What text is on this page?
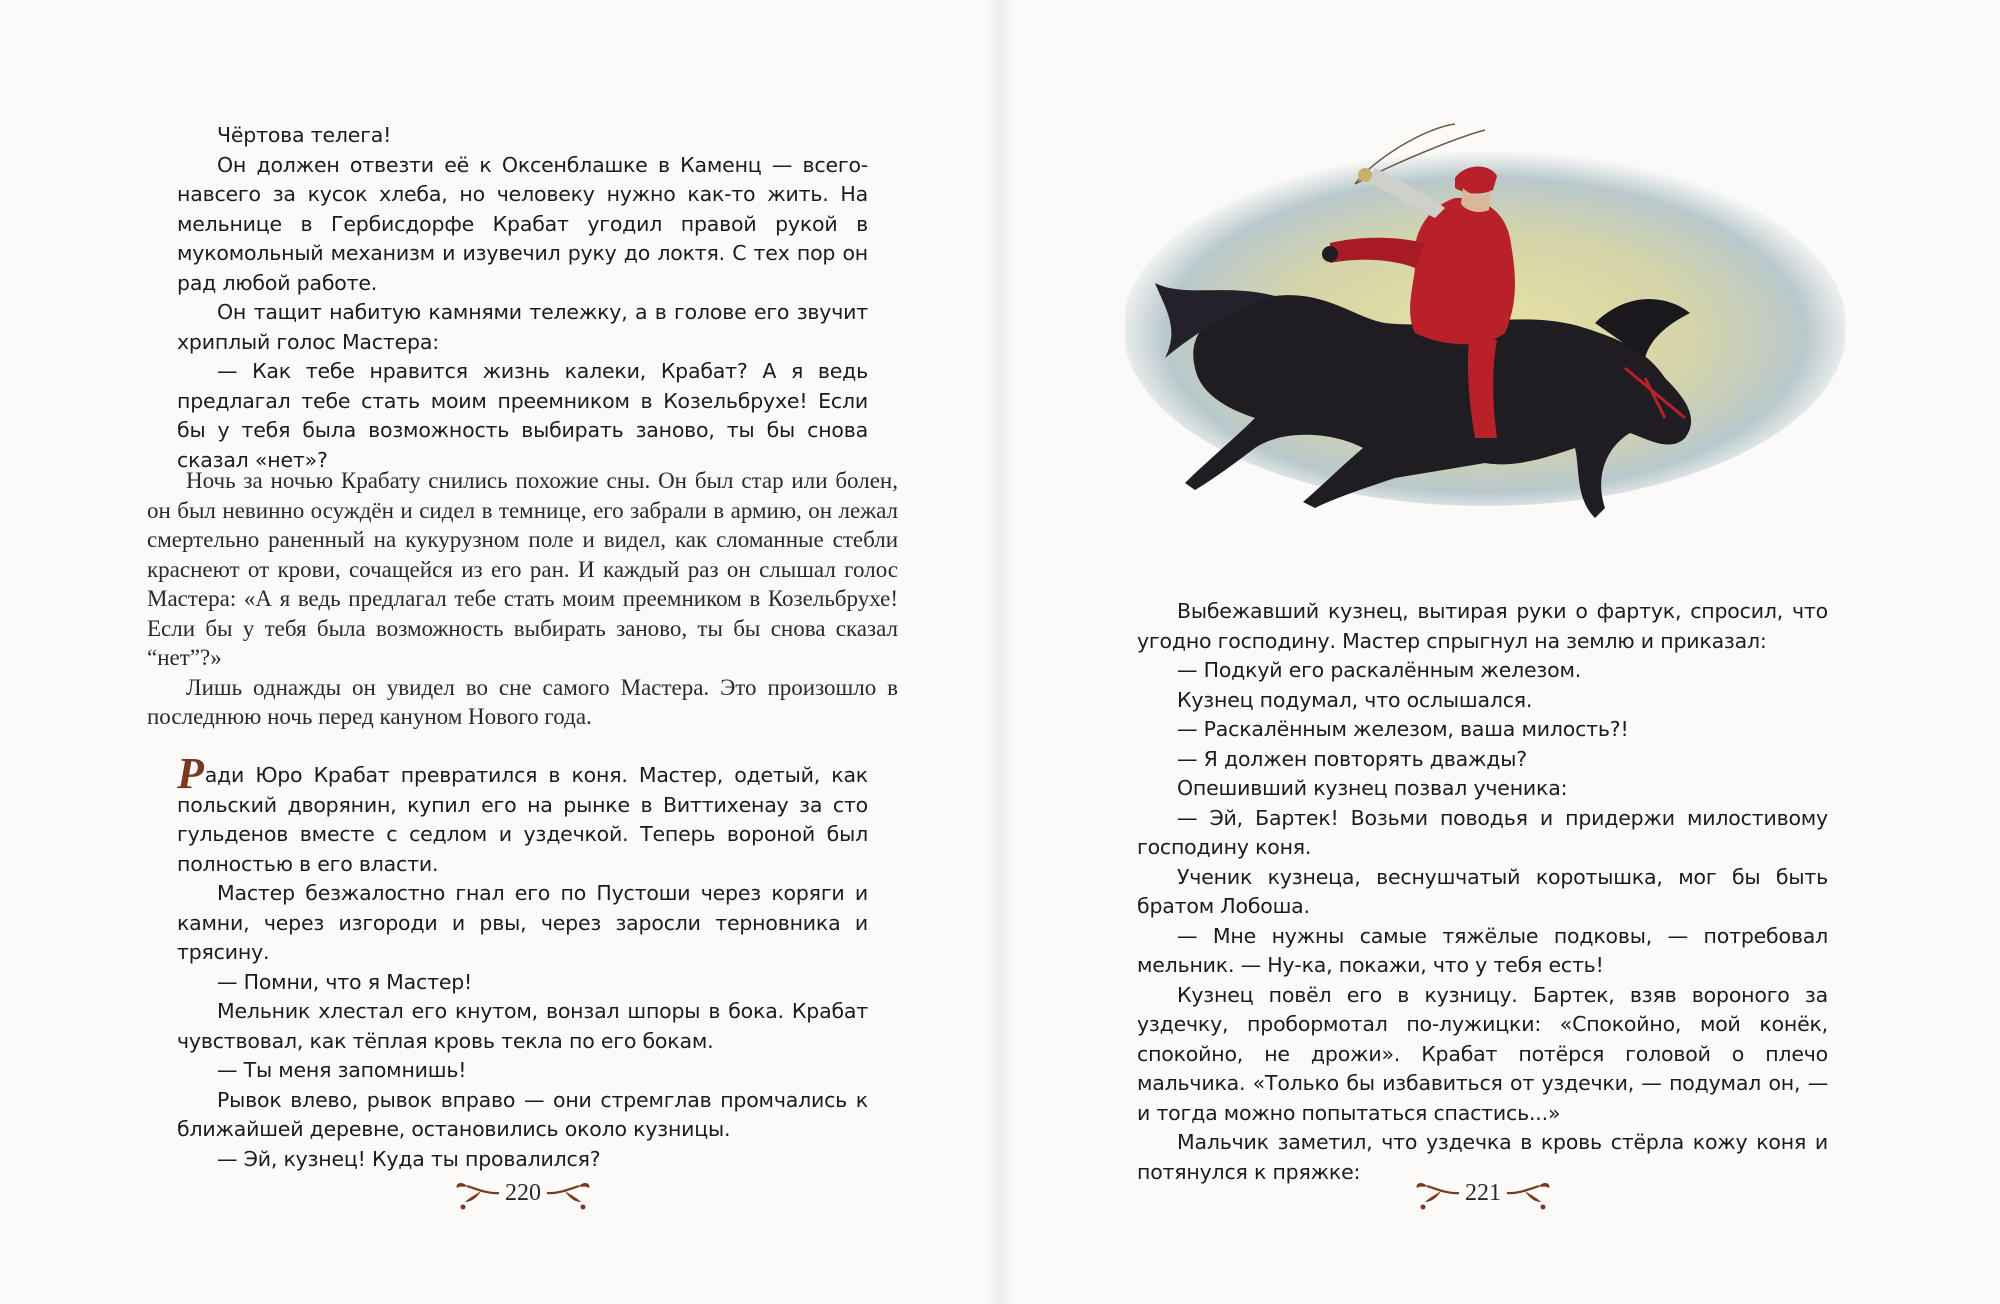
Чёртова телега!

Он должен отвезти её к Оксенблашке в Каменц — всего-навсего за кусок хлеба, но человеку нужно как-то жить. На мельнице в Гербисдорфе Крабат угодил правой рукой в мукомольный механизм и изувечил руку до локтя. С тех пор он рад любой работе.

Он тащит набитую камнями тележку, а в голове его звучит хриплый голос Мастера:

— Как тебе нравится жизнь калеки, Крабат? А я ведь предлагал тебе стать моим преемником в Козельбрухе! Если бы у тебя была возможность выбирать заново, ты бы снова сказал «нет»?

Ночь за ночью Крабату снились похожие сны. Он был стар или болен, он был невинно осуждён и сидел в темнице, его забрали в армию, он лежал смертельно раненный на кукурузном поле и видел, как сломанные стебли краснеют от крови, сочащейся из его ран. И каждый раз он слышал голос Мастера: «А я ведь предлагал тебе стать моим преемником в Козельбрухе! Если бы у тебя была возможность выбирать заново, ты бы снова сказал “нет”?»

Лишь однажды он увидел во сне самого Мастера. Это произошло в последнюю ночь перед кануном Нового года.

Ради Юро Крабат превратился в коня. Мастер, одетый, как польский дворянин, купил его на рынке в Виттихенау за сто гульденов вместе с седлом и уздечкой. Теперь вороной был полностью в его власти.

Мастер безжалостно гнал его по Пустоши через коряги и камни, через изгороди и рвы, через заросли терновника и трясину.

— Помни, что я Мастер!

Мельник хлестал его кнутом, вонзал шпоры в бока. Крабат чувствовал, как тёплая кровь текла по его бокам.

— Ты меня запомнишь!

Рывок влево, рывок вправо — они стремглав промчались к ближайшей деревне, остановились около кузницы.

— Эй, кузнец! Куда ты провалился?

220

Выбежавший кузнец, вытирая руки о фартук, спросил, что угодно господину. Мастер спрыгнул на землю и приказал:

— Подкуй его раскалённым железом.

Кузнец подумал, что ослышался.

— Раскалённым железом, ваша милость?!

— Я должен повторять дважды?

Опешивший кузнец позвал ученика:

— Эй, Бартек! Возьми поводья и придержи милостивому господину коня.

Ученик кузнеца, веснушчатый коротышка, мог бы быть братом Лобоша.

— Мне нужны самые тяжёлые подковы, — потребовал мельник. — Ну-ка, покажи, что у тебя есть!

Кузнец повёл его в кузницу. Бартек, взяв вороного за уздечку, пробормотал по-лужицки: «Спокойно, мой конёк, спокойно, не дрожи». Крабат потёрся головой о плечо мальчика. «Только бы избавиться от уздечки, — подумал он, — и тогда можно попытаться спастись...»

Мальчик заметил, что уздечка в кровь стёрла кожу коня и потянулся к пряжке:

221
